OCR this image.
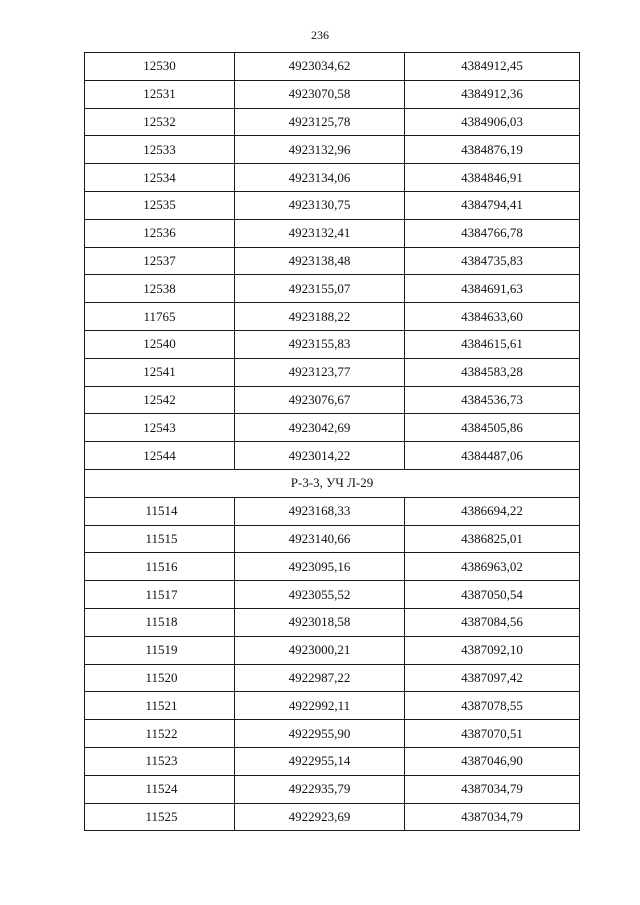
236
12530	4923034,62	4384912,45
12531	4923070,58	4384912,36
12532	4923125,78	4384906,03
12533	4923132,96	4384876,19
12534	4923134,06	4384846,91
12535	4923130,75	4384794,41
12536	4923132,41	4384766,78
12537	4923138,48	4384735,83
12538	4923155,07	4384691,63
11765	4923188,22	4384633,60
12540	4923155,83	4384615,61
12541	4923123,77	4384583,28
12542	4923076,67	4384536,73
12543	4923042,69	4384505,86
12544	4923014,22	4384487,06
Р-3-3, УЧ Л-29		
11514	4923168,33	4386694,22
11515	4923140,66	4386825,01
11516	4923095,16	4386963,02
11517	4923055,52	4387050,54
11518	4923018,58	4387084,56
11519	4923000,21	4387092,10
11520	4922987,22	4387097,42
11521	4922992,11	4387078,55
11522	4922955,90	4387070,51
11523	4922955,14	4387046,90
11524	4922935,79	4387034,79
11525	4922923,69	4387034,79
